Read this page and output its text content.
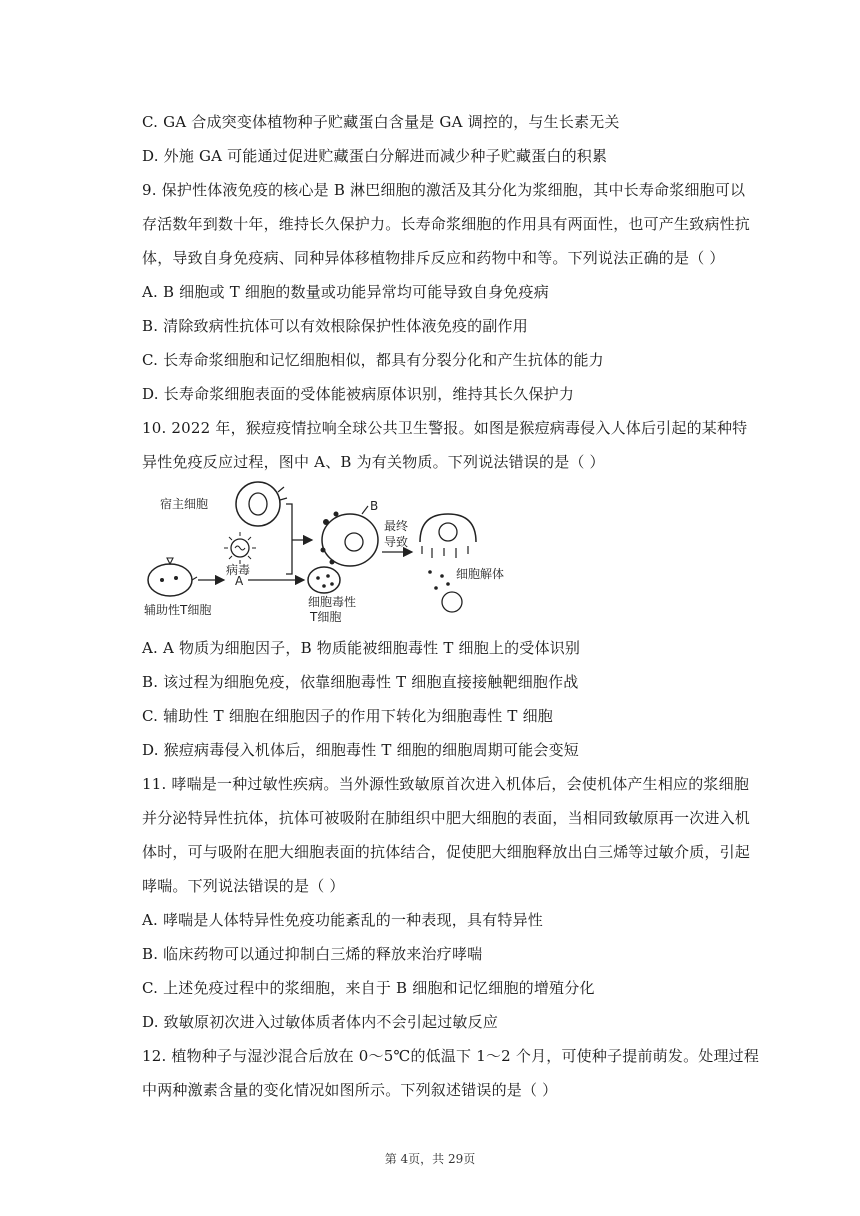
C. GA 合成突变体植物种子贮藏蛋白含量是 GA 调控的，与生长素无关
D. 外施 GA 可能通过促进贮藏蛋白分解进而减少种子贮藏蛋白的积累
9. 保护性体液免疫的核心是 B 淋巴细胞的激活及其分化为浆细胞，其中长寿命浆细胞可以
存活数年到数十年，维持长久保护力。长寿命浆细胞的作用具有两面性，也可产生致病性抗
体，导致自身免疫病、同种异体移植物排斥反应和药物中和等。下列说法正确的是（ ）
A. B 细胞或 T 细胞的数量或功能异常均可能导致自身免疫病
B. 清除致病性抗体可以有效根除保护性体液免疫的副作用
C. 长寿命浆细胞和记忆细胞相似，都具有分裂分化和产生抗体的能力
D. 长寿命浆细胞表面的受体能被病原体识别，维持其长久保护力
10. 2022 年，猴痘疫情拉响全球公共卫生警报。如图是猴痘病毒侵入人体后引起的某种特
异性免疫反应过程，图中 A、B 为有关物质。下列说法错误的是（ ）
宿主细胞
病毒
B
最终
导致
细胞解体
辅助性T细胞
A
细胞毒性
T细胞
A. A 物质为细胞因子，B 物质能被细胞毒性 T 细胞上的受体识别
B. 该过程为细胞免疫，依靠细胞毒性 T 细胞直接接触靶细胞作战
C. 辅助性 T 细胞在细胞因子的作用下转化为细胞毒性 T 细胞
D. 猴痘病毒侵入机体后，细胞毒性 T 细胞的细胞周期可能会变短
11. 哮喘是一种过敏性疾病。当外源性致敏原首次进入机体后，会使机体产生相应的浆细胞
并分泌特异性抗体，抗体可被吸附在肺组织中肥大细胞的表面，当相同致敏原再一次进入机
体时，可与吸附在肥大细胞表面的抗体结合，促使肥大细胞释放出白三烯等过敏介质，引起
哮喘。下列说法错误的是（ ）
A. 哮喘是人体特异性免疫功能紊乱的一种表现，具有特异性
B. 临床药物可以通过抑制白三烯的释放来治疗哮喘
C. 上述免疫过程中的浆细胞，来自于 B 细胞和记忆细胞的增殖分化
D. 致敏原初次进入过敏体质者体内不会引起过敏反应
12. 植物种子与湿沙混合后放在 0～5℃的低温下 1～2 个月，可使种子提前萌发。处理过程
中两种激素含量的变化情况如图所示。下列叙述错误的是（ ）
第 4页，共 29页
